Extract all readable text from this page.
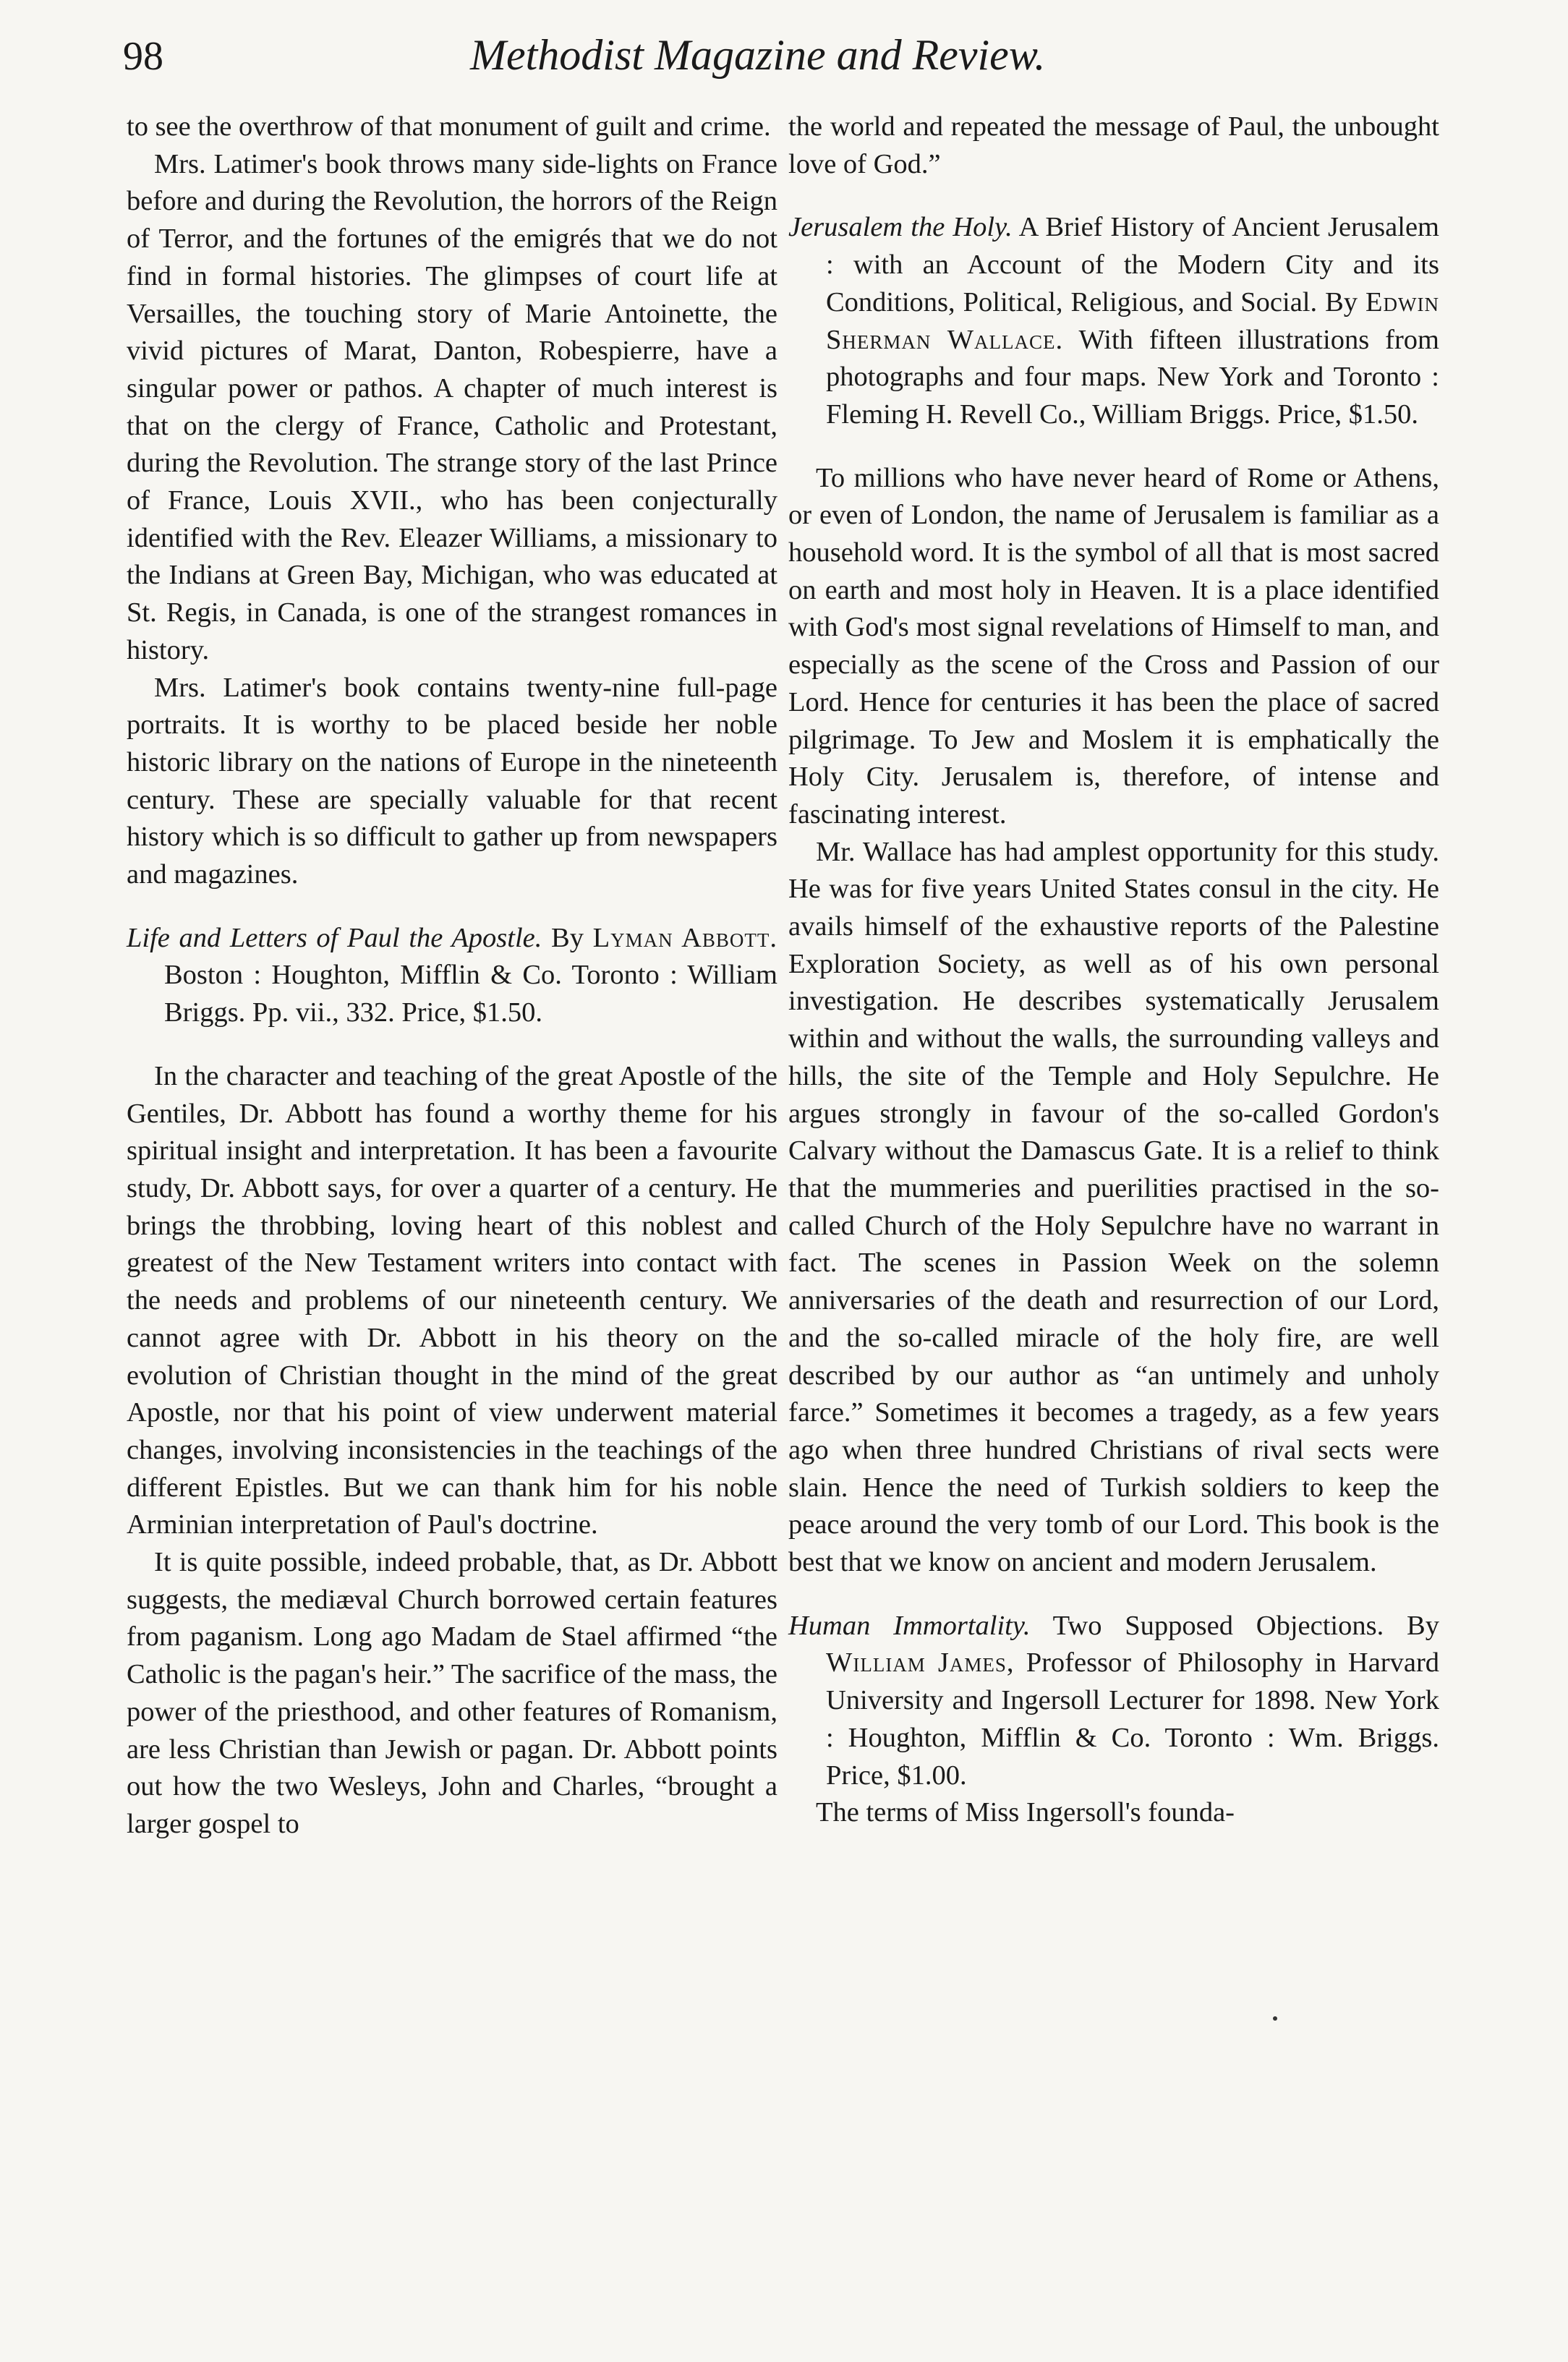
98	Methodist Magazine and Review.

to see the overthrow of that monument of guilt and crime.

Mrs. Latimer's book throws many side-lights on France before and during the Revolution, the horrors of the Reign of Terror, and the fortunes of the emigrés that we do not find in formal histories. The glimpses of court life at Versailles, the touching story of Marie Antoinette, the vivid pictures of Marat, Danton, Robespierre, have a singular power or pathos. A chapter of much interest is that on the clergy of France, Catholic and Protestant, during the Revolution. The strange story of the last Prince of France, Louis XVII., who has been conjecturally identified with the Rev. Eleazer Williams, a missionary to the Indians at Green Bay, Michigan, who was educated at St. Regis, in Canada, is one of the strangest romances in history.

Mrs. Latimer's book contains twenty-nine full-page portraits. It is worthy to be placed beside her noble historic library on the nations of Europe in the nineteenth century. These are specially valuable for that recent history which is so difficult to gather up from newspapers and magazines.

Life and Letters of Paul the Apostle. By Lyman Abbott. Boston : Houghton, Mifflin & Co. Toronto : William Briggs. Pp. vii., 332. Price, $1.50.

In the character and teaching of the great Apostle of the Gentiles, Dr. Abbott has found a worthy theme for his spiritual insight and interpretation. It has been a favourite study, Dr. Abbott says, for over a quarter of a century. He brings the throbbing, loving heart of this noblest and greatest of the New Testament writers into contact with the needs and problems of our nineteenth century. We cannot agree with Dr. Abbott in his theory on the evolution of Christian thought in the mind of the great Apostle, nor that his point of view underwent material changes, involving inconsistencies in the teachings of the different Epistles. But we can thank him for his noble Arminian interpretation of Paul's doctrine.

It is quite possible, indeed probable, that, as Dr. Abbott suggests, the mediæval Church borrowed certain features from paganism. Long ago Madam de Stael affirmed “the Catholic is the pagan's heir.” The sacrifice of the mass, the power of the priesthood, and other features of Romanism, are less Christian than Jewish or pagan. Dr. Abbott points out how the two Wesleys, John and Charles, “brought a larger gospel to

the world and repeated the message of Paul, the unbought love of God.”

Jerusalem the Holy. A Brief History of Ancient Jerusalem : with an Account of the Modern City and its Conditions, Political, Religious, and Social. By Edwin Sherman Wallace. With fifteen illustrations from photographs and four maps. New York and Toronto : Fleming H. Revell Co., William Briggs. Price, $1.50.

To millions who have never heard of Rome or Athens, or even of London, the name of Jerusalem is familiar as a household word. It is the symbol of all that is most sacred on earth and most holy in Heaven. It is a place identified with God's most signal revelations of Himself to man, and especially as the scene of the Cross and Passion of our Lord. Hence for centuries it has been the place of sacred pilgrimage. To Jew and Moslem it is emphatically the Holy City. Jerusalem is, therefore, of intense and fascinating interest.

Mr. Wallace has had amplest opportunity for this study. He was for five years United States consul in the city. He avails himself of the exhaustive reports of the Palestine Exploration Society, as well as of his own personal investigation. He describes systematically Jerusalem within and without the walls, the surrounding valleys and hills, the site of the Temple and Holy Sepulchre. He argues strongly in favour of the so-called Gordon's Calvary without the Damascus Gate. It is a relief to think that the mummeries and puerilities practised in the so-called Church of the Holy Sepulchre have no warrant in fact. The scenes in Passion Week on the solemn anniversaries of the death and resurrection of our Lord, and the so-called miracle of the holy fire, are well described by our author as “an untimely and unholy farce.” Sometimes it becomes a tragedy, as a few years ago when three hundred Christians of rival sects were slain. Hence the need of Turkish soldiers to keep the peace around the very tomb of our Lord. This book is the best that we know on ancient and modern Jerusalem.

Human Immortality. Two Supposed Objections. By William James, Professor of Philosophy in Harvard University and Ingersoll Lecturer for 1898. New York : Houghton, Mifflin & Co. Toronto : Wm. Briggs. Price, $1.00.

The terms of Miss Ingersoll's founda-
